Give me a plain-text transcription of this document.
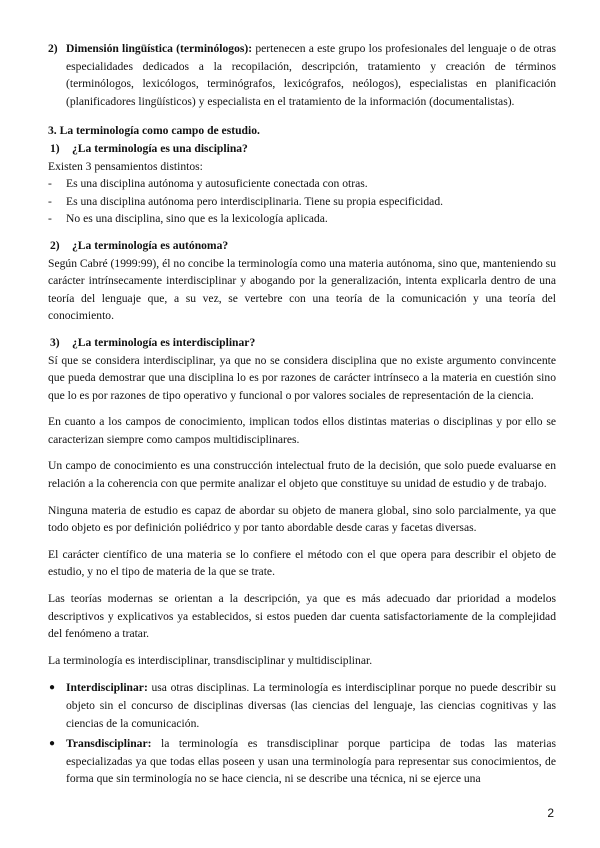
2) Dimensión lingüística (terminólogos): pertenecen a este grupo los profesionales del lenguaje o de otras especialidades dedicados a la recopilación, descripción, tratamiento y creación de términos (terminólogos, lexicólogos, terminógrafos, lexicógrafos, neólogos), especialistas en planificación (planificadores lingüísticos) y especialista en el tratamiento de la información (documentalistas).
3. La terminología como campo de estudio.
1)	¿La terminología es una disciplina?

Existen 3 pensamientos distintos:

-	Es una disciplina autónoma y autosuficiente conectada con otras.
-	Es una disciplina autónoma pero interdisciplinaria. Tiene su propia especificidad.
-	No es una disciplina, sino que es la lexicología aplicada.
2)	¿La terminología es autónoma?

Según Cabré (1999:99), él no concibe la terminología como una materia autónoma, sino que, manteniendo su carácter intrínsecamente interdisciplinar y abogando por la generalización, intenta explicarla dentro de una teoría del lenguaje que, a su vez, se vertebre con una teoría de la comunicación y una teoría del conocimiento.

3)	¿La terminología es interdisciplinar?

Sí que se considera interdisciplinar, ya que no se considera disciplina que no existe argumento convincente que pueda demostrar que una disciplina lo es por razones de carácter intrínseco a la materia en cuestión sino que lo es por razones de tipo operativo y funcional o por valores sociales de representación de la ciencia.

En cuanto a los campos de conocimiento, implican todos ellos distintas materias o disciplinas y por ello se caracterizan siempre como campos multidisciplinares.

Un campo de conocimiento es una construcción intelectual fruto de la decisión, que solo puede evaluarse en relación a la coherencia con que permite analizar el objeto que constituye su unidad de estudio y de trabajo.

Ninguna materia de estudio es capaz de abordar su objeto de manera global, sino solo parcialmente, ya que todo objeto es por definición poliédrico y por tanto abordable desde caras y facetas diversas.

El carácter científico de una materia se lo confiere el método con el que opera para describir el objeto de estudio, y no el tipo de materia de la que se trate.

Las teorías modernas se orientan a la descripción, ya que es más adecuado dar prioridad a modelos descriptivos y explicativos ya establecidos, si estos pueden dar cuenta satisfactoriamente de la complejidad del fenómeno a tratar.

La terminología es interdisciplinar, transdisciplinar y multidisciplinar.

● Interdisciplinar: usa otras disciplinas. La terminología es interdisciplinar porque no puede describir su objeto sin el concurso de disciplinas diversas (las ciencias del lenguaje, las ciencias cognitivas y las ciencias de la comunicación.
● Transdisciplinar: la terminología es transdisciplinar porque participa de todas las materias especializadas ya que todas ellas poseen y usan una terminología para representar sus conocimientos, de forma que sin terminología no se hace ciencia, ni se describe una técnica, ni se ejerce una
2
